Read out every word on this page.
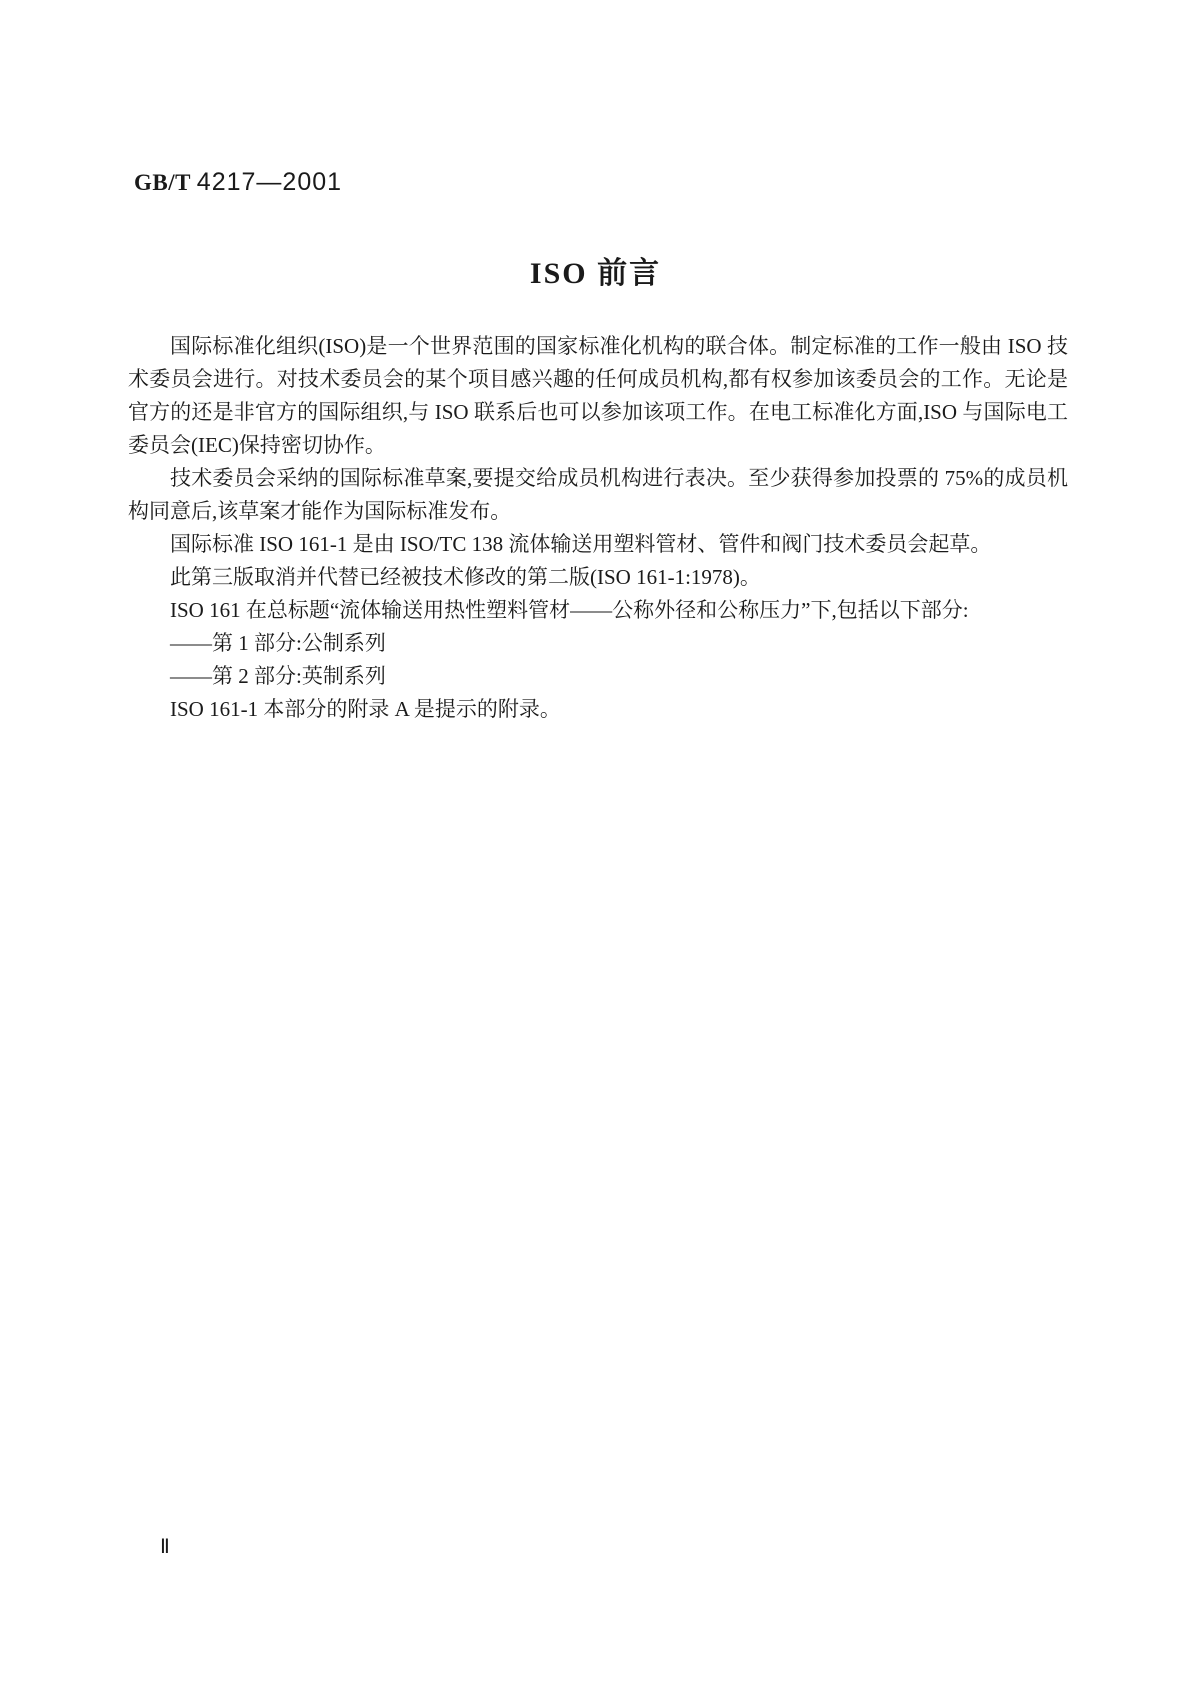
GB/T 4217—2001
ISO 前言

国际标准化组织(ISO)是一个世界范围的国家标准化机构的联合体。制定标准的工作一般由 ISO 技术委员会进行。对技术委员会的某个项目感兴趣的任何成员机构,都有权参加该委员会的工作。无论是官方的还是非官方的国际组织,与 ISO 联系后也可以参加该项工作。在电工标准化方面,ISO 与国际电工委员会(IEC)保持密切协作。

技术委员会采纳的国际标准草案,要提交给成员机构进行表决。至少获得参加投票的 75%的成员机构同意后,该草案才能作为国际标准发布。

国际标准 ISO 161-1 是由 ISO/TC 138 流体输送用塑料管材、管件和阀门技术委员会起草。

此第三版取消并代替已经被技术修改的第二版(ISO 161-1:1978)。

ISO 161 在总标题“流体输送用热性塑料管材——公称外径和公称压力”下,包括以下部分:

——第 1 部分:公制系列

——第 2 部分:英制系列

ISO 161-1 本部分的附录 A 是提示的附录。

Ⅱ
